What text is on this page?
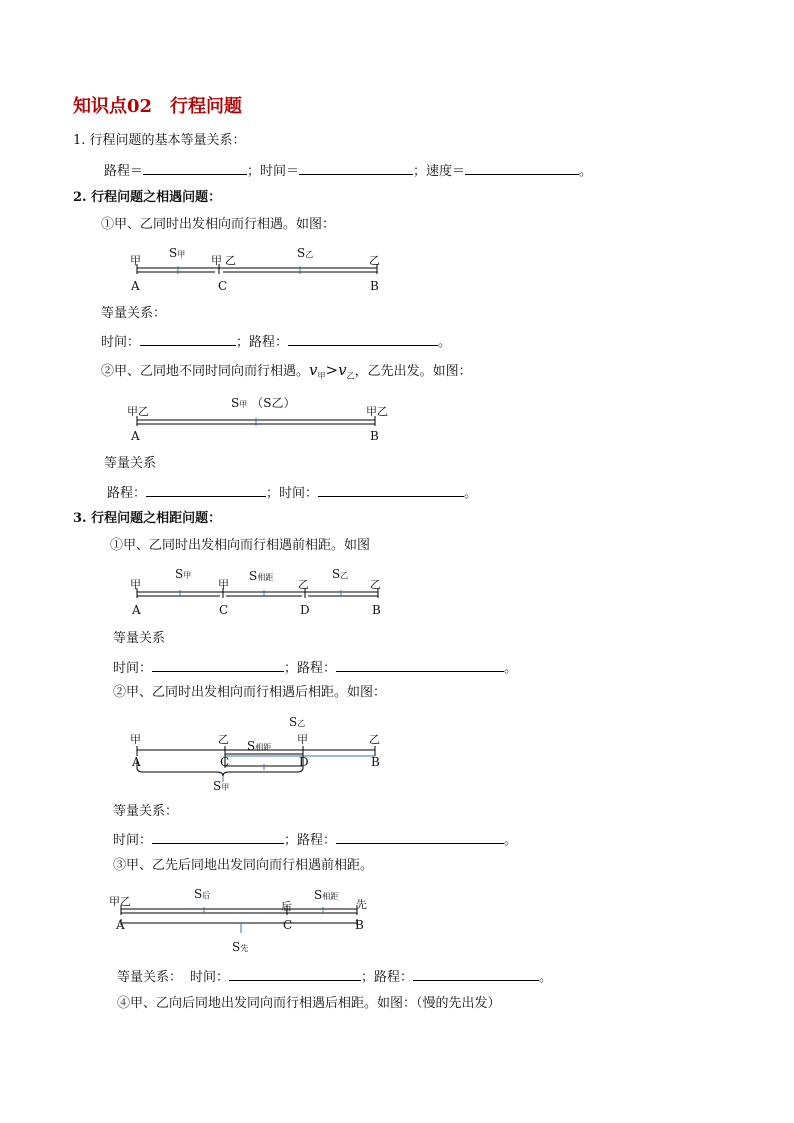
知识点02　行程问题
1. 行程问题的基本等量关系：
路程＝	；时间＝	；速度＝	。
2. 行程问题之相遇问题：
①甲、乙同时出发相向而行相遇。如图：
甲	甲 乙	乙
S甲	S乙
A	C	B
等量关系：
时间：	；路程：	。
②甲、乙同地不同时同向而行相遇。$v_甲>v_乙$，乙先出发。如图：
甲乙	甲乙
S甲 （S乙）
A	B
等量关系
路程：	；时间：	。
3. 行程问题之相距问题：
①甲、乙同时出发相向而行相遇前相距。如图
甲	甲	乙	乙
S甲	S相距	S乙
A	C	D	B
等量关系
时间：	；路程：	。
②甲、乙同时出发相向而行相遇后相距。如图：
甲	乙	甲	乙
S乙
S相距
A	C	D	B
S甲
等量关系：
时间：	；路程：	。
③甲、乙先后同地出发同向而行相遇前相距。
甲乙	后	先
S后	S相距
A	C	B
S先
等量关系： 时间：	；路程：	。
④甲、乙向后同地出发同向而行相遇后相距。如图：（慢的先出发）
